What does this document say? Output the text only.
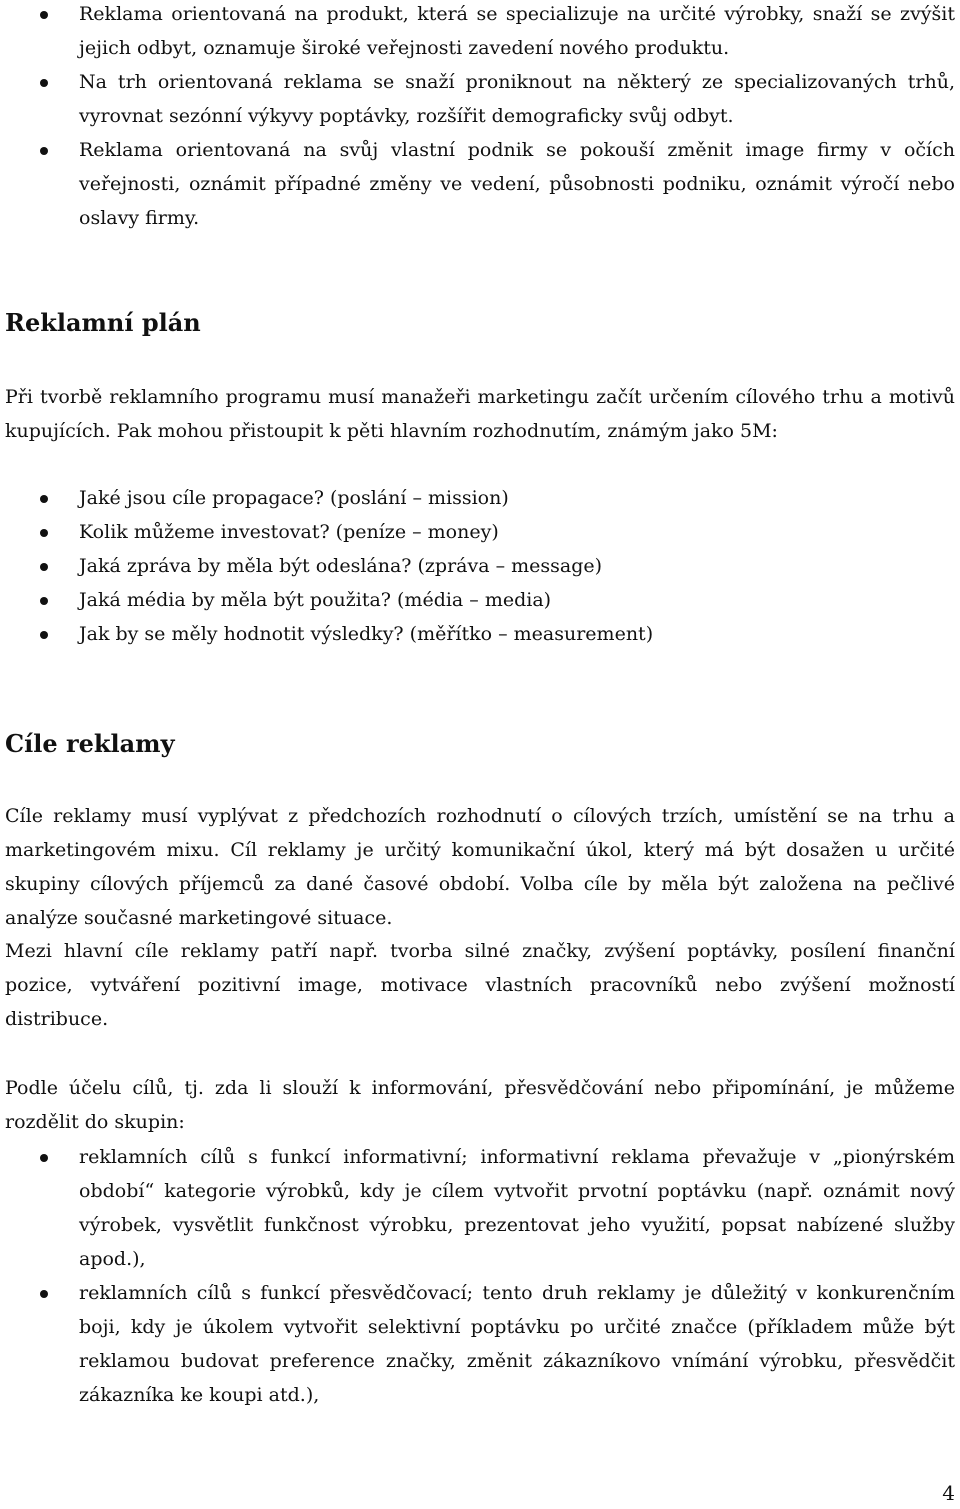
Reklama orientovaná na produkt, která se specializuje na určité výrobky, snaží se zvýšit jejich odbyt, oznamuje široké veřejnosti zavedení nového produktu.
Na trh orientovaná reklama se snaží proniknout na některý ze specializovaných trhů, vyrovnat sezónní výkyvy poptávky, rozšířit demograficky svůj odbyt.
Reklama orientovaná na svůj vlastní podnik se pokouší změnit image firmy v očích veřejnosti, oznámit případné změny ve vedení, působnosti podniku, oznámit výročí nebo oslavy firmy.
Reklamní plán

Při tvorbě reklamního programu musí manažeři marketingu začít určením cílového trhu a motivů kupujících. Pak mohou přistoupit k pěti hlavním rozhodnutím, známým jako 5M:

Jaké jsou cíle propagace? (poslání – mission)
Kolik můžeme investovat? (peníze – money)
Jaká zpráva by měla být odeslána? (zpráva – message)
Jaká média by měla být použita? (média – media)
Jak by se měly hodnotit výsledky? (měřítko – measurement)
Cíle reklamy

Cíle reklamy musí vyplývat z předchozích rozhodnutí o cílových trzích, umístění se na trhu a marketingovém mixu. Cíl reklamy je určitý komunikační úkol, který má být dosažen u určité skupiny cílových příjemců za dané časové období. Volba cíle by měla být založena na pečlivé analýze současné marketingové situace.

Mezi hlavní cíle reklamy patří např. tvorba silné značky, zvýšení poptávky, posílení finanční pozice, vytváření pozitivní image, motivace vlastních pracovníků nebo zvýšení možností distribuce.

Podle účelu cílů, tj. zda li slouží k informování, přesvědčování nebo připomínání, je můžeme rozdělit do skupin:

reklamních cílů s funkcí informativní; informativní reklama převažuje v „pionýrském období“ kategorie výrobků, kdy je cílem vytvořit prvotní poptávku (např. oznámit nový výrobek, vysvětlit funkčnost výrobku, prezentovat jeho využití, popsat nabízené služby apod.),
reklamních cílů s funkcí přesvědčovací; tento druh reklamy je důležitý v konkurenčním boji, kdy je úkolem vytvořit selektivní poptávku po určité značce (příkladem může být reklamou budovat preference značky, změnit zákazníkovo vnímání výrobku, přesvědčit zákazníka ke koupi atd.),
4
